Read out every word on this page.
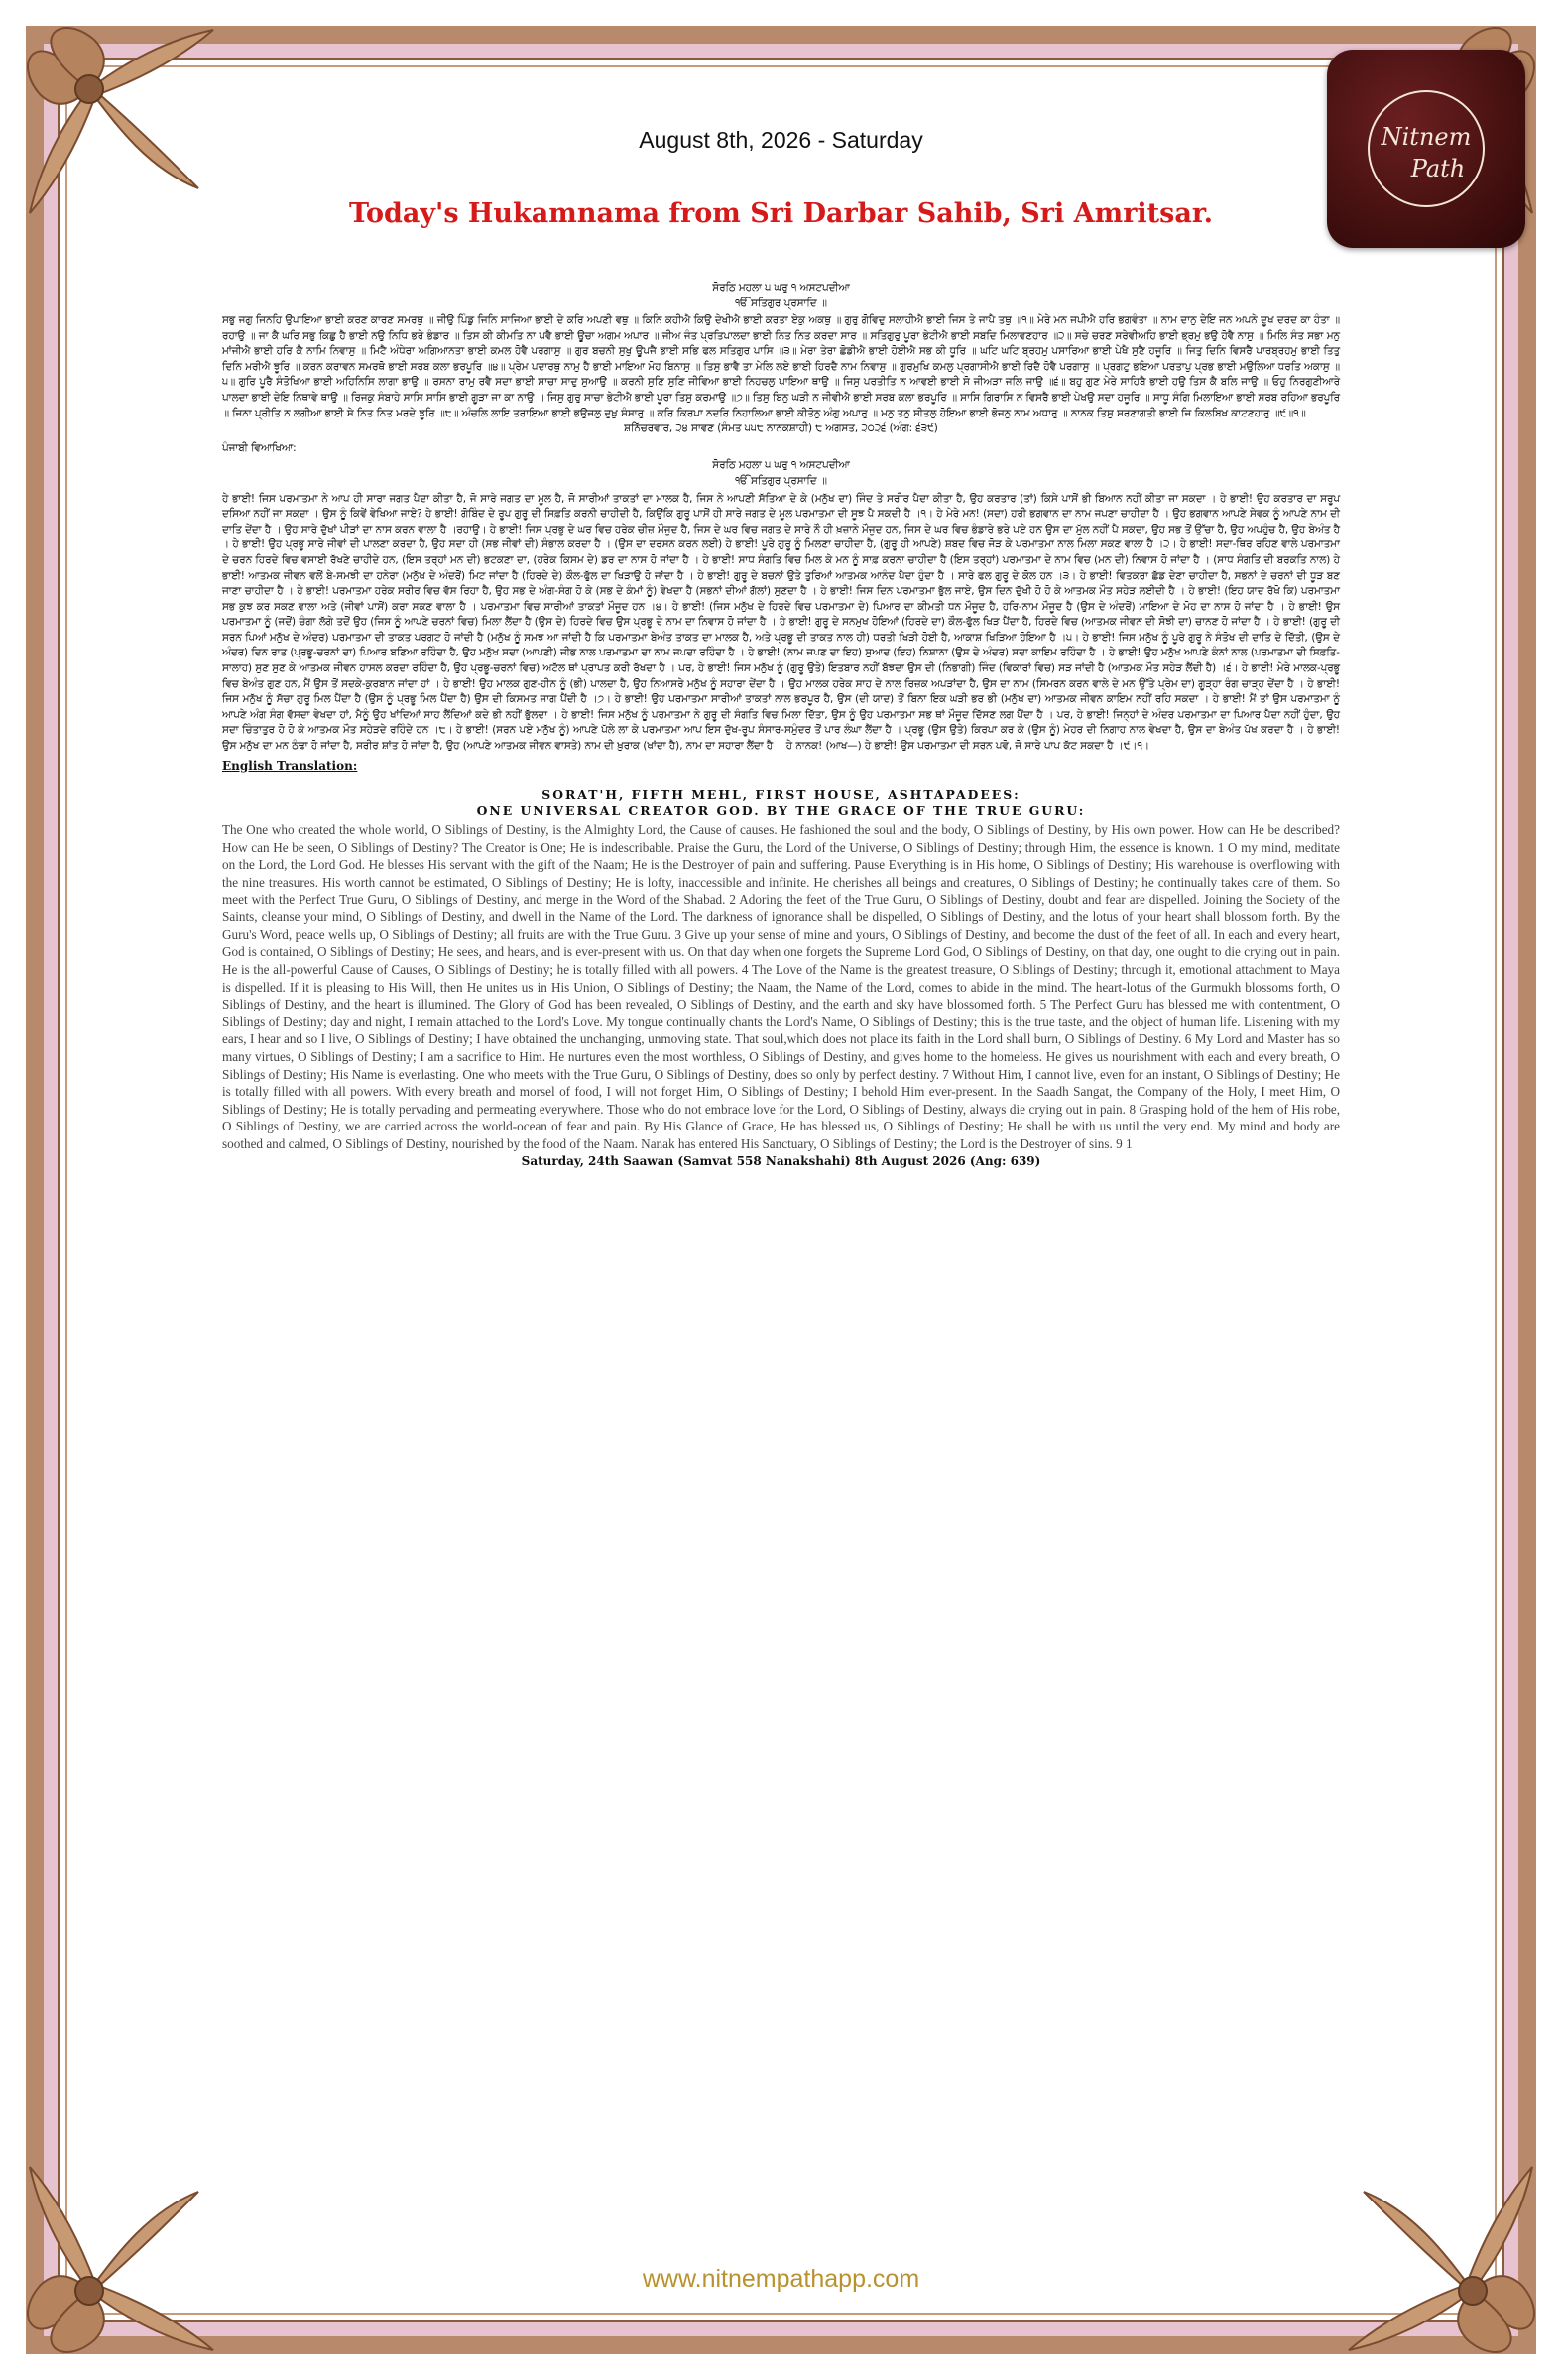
Nitnem
Path
August 8th, 2026 - Saturday
Today's Hukamnama from Sri Darbar Sahib, Sri Amritsar.
ਸੋਰਠਿ ਮਹਲਾ ੫ ਘਰੁ ੧ ਅਸਟਪਦੀਆ
ੴ ਸਤਿਗੁਰ ਪ੍ਰਸਾਦਿ ॥
ਸਭੁ ਜਗੁ ਜਿਨਹਿ ਉਪਾਇਆ ਭਾਈ ਕਰਣ ਕਾਰਣ ਸਮਰਥੁ ॥ ਜੀਉ ਪਿੰਡੁ ਜਿਨਿ ਸਾਜਿਆ ਭਾਈ ਦੇ ਕਰਿ ਅਪਣੀ ਵਥੁ ॥ ਕਿਨਿ ਕਹੀਐ ਕਿਉ ਦੇਖੀਐ ਭਾਈ ਕਰਤਾ ਏਕੁ ਅਕਥੁ ॥ ਗੁਰੁ ਗੋਵਿਦੁ ਸਲਾਹੀਐ ਭਾਈ ਜਿਸ ਤੇ ਜਾਪੈ ਤਥੁ ॥੧॥ ਮੇਰੇ ਮਨ ਜਪੀਐ ਹਰਿ ਭਗਵੰਤਾ ॥ ਨਾਮ ਦਾਨੁ ਦੇਇ ਜਨ ਅਪਨੇ ਦੂਖ ਦਰਦ ਕਾ ਹੰਤਾ ॥ ਰਹਾਉ ॥ ਜਾ ਕੈ ਘਰਿ ਸਭੁ ਕਿਛੁ ਹੈ ਭਾਈ ਨਉ ਨਿਧਿ ਭਰੇ ਭੰਡਾਰ ॥ ਤਿਸ ਕੀ ਕੀਮਤਿ ਨਾ ਪਵੈ ਭਾਈ ਊਚਾ ਅਗਮ ਅਪਾਰ ॥ ਜੀਅ ਜੰਤ ਪ੍ਰਤਿਪਾਲਦਾ ਭਾਈ ਨਿਤ ਨਿਤ ਕਰਦਾ ਸਾਰ ॥ ਸਤਿਗੁਰੁ ਪੂਰਾ ਭੇਟੀਐ ਭਾਈ ਸਬਦਿ ਮਿਲਾਵਣਹਾਰ ॥੨॥ ਸਚੇ ਚਰਣ ਸਰੇਵੀਅਹਿ ਭਾਈ ਭ੍ਰਮੁ ਭਉ ਹੋਵੈ ਨਾਸੁ ॥ ਮਿਲਿ ਸੰਤ ਸਭਾ ਮਨੁ ਮਾਂਜੀਐ ਭਾਈ ਹਰਿ ਕੈ ਨਾਮਿ ਨਿਵਾਸੁ ॥ ਮਿਟੈ ਅੰਧੇਰਾ ਅਗਿਆਨਤਾ ਭਾਈ ਕਮਲ ਹੋਵੈ ਪਰਗਾਸੁ ॥ ਗੁਰ ਬਚਨੀ ਸੁਖੁ ਊਪਜੈ ਭਾਈ ਸਭਿ ਫਲ ਸਤਿਗੁਰ ਪਾਸਿ ॥੩॥ ਮੇਰਾ ਤੇਰਾ ਛੋਡੀਐ ਭਾਈ ਹੋਈਐ ਸਭ ਕੀ ਧੂਰਿ ॥ ਘਟਿ ਘਟਿ ਬ੍ਰਹਮੁ ਪਸਾਰਿਆ ਭਾਈ ਪੇਖੈ ਸੁਣੈ ਹਜੂਰਿ ॥ ਜਿਤੁ ਦਿਨਿ ਵਿਸਰੈ ਪਾਰਬ੍ਰਹਮੁ ਭਾਈ ਤਿਤੁ ਦਿਨਿ ਮਰੀਐ ਝੂਰਿ ॥ ਕਰਨ ਕਰਾਵਨ ਸਮਰਥੋ ਭਾਈ ਸਰਬ ਕਲਾ ਭਰਪੂਰਿ ॥੪॥ ਪ੍ਰੇਮ ਪਦਾਰਥੁ ਨਾਮੁ ਹੈ ਭਾਈ ਮਾਇਆ ਮੋਹ ਬਿਨਾਸੁ ॥ ਤਿਸੁ ਭਾਵੈ ਤਾ ਮੇਲਿ ਲਏ ਭਾਈ ਹਿਰਦੈ ਨਾਮ ਨਿਵਾਸੁ ॥ ਗੁਰਮੁਖਿ ਕਮਲੁ ਪ੍ਰਗਾਸੀਐ ਭਾਈ ਰਿਦੈ ਹੋਵੈ ਪਰਗਾਸੁ ॥ ਪ੍ਰਗਟੁ ਭਇਆ ਪਰਤਾਪੁ ਪ੍ਰਭ ਭਾਈ ਮਉਲਿਆ ਧਰਤਿ ਅਕਾਸੁ ॥੫॥ ਗੁਰਿ ਪੂਰੈ ਸੰਤੋਖਿਆ ਭਾਈ ਅਹਿਨਿਸਿ ਲਾਗਾ ਭਾਉ ॥ ਰਸਨਾ ਰਾਮੁ ਰਵੈ ਸਦਾ ਭਾਈ ਸਾਚਾ ਸਾਦੁ ਸੁਆਉ ॥ ਕਰਨੀ ਸੁਣਿ ਸੁਣਿ ਜੀਵਿਆ ਭਾਈ ਨਿਹਚਲੁ ਪਾਇਆ ਥਾਉ ॥ ਜਿਸੁ ਪਰਤੀਤਿ ਨ ਆਵਈ ਭਾਈ ਸੋ ਜੀਅੜਾ ਜਲਿ ਜਾਉ ॥੬॥ ਬਹੁ ਗੁਣ ਮੇਰੇ ਸਾਹਿਬੈ ਭਾਈ ਹਉ ਤਿਸ ਕੈ ਬਲਿ ਜਾਉ ॥ ਓਹੁ ਨਿਰਗੁਣੀਆਰੇ ਪਾਲਦਾ ਭਾਈ ਦੇਇ ਨਿਥਾਵੇ ਥਾਉ ॥ ਰਿਜਕੁ ਸੰਬਾਹੇ ਸਾਸਿ ਸਾਸਿ ਭਾਈ ਗੂੜਾ ਜਾ ਕਾ ਨਾਉ ॥ ਜਿਸੁ ਗੁਰੁ ਸਾਚਾ ਭੇਟੀਐ ਭਾਈ ਪੂਰਾ ਤਿਸੁ ਕਰਮਾਉ ॥੭॥ ਤਿਸੁ ਬਿਨੁ ਘੜੀ ਨ ਜੀਵੀਐ ਭਾਈ ਸਰਬ ਕਲਾ ਭਰਪੂਰਿ ॥ ਸਾਸਿ ਗਿਰਾਸਿ ਨ ਵਿਸਰੈ ਭਾਈ ਪੇਖਉ ਸਦਾ ਹਜੂਰਿ ॥ ਸਾਧੂ ਸੰਗਿ ਮਿਲਾਇਆ ਭਾਈ ਸਰਬ ਰਹਿਆ ਭਰਪੂਰਿ ॥ ਜਿਨਾ ਪ੍ਰੀਤਿ ਨ ਲਗੀਆ ਭਾਈ ਸੇ ਨਿਤ ਨਿਤ ਮਰਦੇ ਝੂਰਿ ॥੮॥ ਅੰਚਲਿ ਲਾਇ ਤਰਾਇਆ ਭਾਈ ਭਉਜਲੁ ਦੁਖੁ ਸੰਸਾਰੁ ॥ ਕਰਿ ਕਿਰਪਾ ਨਦਰਿ ਨਿਹਾਲਿਆ ਭਾਈ ਕੀਤੋਨੁ ਅੰਗੁ ਅਪਾਰੁ ॥ ਮਨੁ ਤਨੁ ਸੀਤਲੁ ਹੋਇਆ ਭਾਈ ਭੋਜਨੁ ਨਾਮ ਅਧਾਰੁ ॥ ਨਾਨਕ ਤਿਸੁ ਸਰਣਾਗਤੀ ਭਾਈ ਜਿ ਕਿਲਬਿਖ ਕਾਟਣਹਾਰੁ ॥੯॥੧॥
ਸ਼ਨਿੱਚਰਵਾਰ, ੨੪ ਸਾਵਣ (ਸੰਮਤ ੫੫੮ ਨਾਨਕਸ਼ਾਹੀ) ੮ ਅਗਸਤ, ੨੦੨੬ (ਅੰਗ: ੬੩੯)
ਪੰਜਾਬੀ ਵਿਆਖਿਆ:
ਸੋਰਠਿ ਮਹਲਾ ੫ ਘਰੁ ੧ ਅਸਟਪਦੀਆ
ੴ ਸਤਿਗੁਰ ਪ੍ਰਸਾਦਿ ॥
ਹੇ ਭਾਈ! ਜਿਸ ਪਰਮਾਤਮਾ ਨੇ ਆਪ ਹੀ ਸਾਰਾ ਜਗਤ ਪੈਦਾ ਕੀਤਾ ਹੈ, ਜੋ ਸਾਰੇ ਜਗਤ ਦਾ ਮੂਲ ਹੈ, ਜੋ ਸਾਰੀਆਂ ਤਾਕਤਾਂ ਦਾ ਮਾਲਕ ਹੈ, ਜਿਸ ਨੇ ਆਪਣੀ ਸੱਤਿਆ ਦੇ ਕੇ (ਮਨੁੱਖ ਦਾ) ਜਿੰਦ ਤੇ ਸਰੀਰ ਪੈਦਾ ਕੀਤਾ ਹੈ, ਉਹ ਕਰਤਾਰ (ਤਾਂ) ਕਿਸੇ ਪਾਸੋਂ ਭੀ ਬਿਆਨ ਨਹੀਂ ਕੀਤਾ ਜਾ ਸਕਦਾ । ਹੇ ਭਾਈ! ਉਹ ਕਰਤਾਰ ਦਾ ਸਰੂਪ ਦਸਿਆ ਨਹੀਂ ਜਾ ਸਕਦਾ । ਉਸ ਨੂੰ ਕਿਵੇਂ ਵੇਖਿਆ ਜਾਏ? ਹੇ ਭਾਈ! ਗੋਬਿੰਦ ਦੇ ਰੂਪ ਗੁਰੂ ਦੀ ਸਿਫ਼ਤਿ ਕਰਨੀ ਚਾਹੀਦੀ ਹੈ, ਕਿਉਂਕਿ ਗੁਰੂ ਪਾਸੋਂ ਹੀ ਸਾਰੇ ਜਗਤ ਦੇ ਮੂਲ ਪਰਮਾਤਮਾ ਦੀ ਸੂਝ ਪੈ ਸਕਦੀ ਹੈ ।੧। ਹੇ ਮੇਰੇ ਮਨ! (ਸਦਾ) ਹਰੀ ਭਗਵਾਨ ਦਾ ਨਾਮ ਜਪਣਾ ਚਾਹੀਦਾ ਹੈ । ਉਹ ਭਗਵਾਨ ਆਪਣੇ ਸੇਵਕ ਨੂੰ ਆਪਣੇ ਨਾਮ ਦੀ ਦਾਤਿ ਦੇਂਦਾ ਹੈ । ਉਹ ਸਾਰੇ ਦੁੱਖਾਂ ਪੀੜਾਂ ਦਾ ਨਾਸ ਕਰਨ ਵਾਲਾ ਹੈ ।ਰਹਾਉ। ਹੇ ਭਾਈ! ਜਿਸ ਪ੍ਰਭੂ ਦੇ ਘਰ ਵਿਚ ਹਰੇਕ ਚੀਜ਼ ਮੌਜੂਦ ਹੈ, ਜਿਸ ਦੇ ਘਰ ਵਿਚ ਜਗਤ ਦੇ ਸਾਰੇ ਨੌ ਹੀ ਖ਼ਜ਼ਾਨੇ ਮੌਜੂਦ ਹਨ, ਜਿਸ ਦੇ ਘਰ ਵਿਚ ਭੰਡਾਰੇ ਭਰੇ ਪਏ ਹਨ ਉਸ ਦਾ ਮੁੱਲ ਨਹੀਂ ਪੈ ਸਕਦਾ, ਉਹ ਸਭ ਤੋਂ ਉੱਚਾ ਹੈ, ਉਹ ਅਪਹੁੰਚ ਹੈ, ਉਹ ਬੇਅੰਤ ਹੈ । ਹੇ ਭਾਈ! ਉਹ ਪ੍ਰਭੂ ਸਾਰੇ ਜੀਵਾਂ ਦੀ ਪਾਲਣਾ ਕਰਦਾ ਹੈ, ਉਹ ਸਦਾ ਹੀ (ਸਭ ਜੀਵਾਂ ਦੀ) ਸੰਭਾਲ ਕਰਦਾ ਹੈ । (ਉਸ ਦਾ ਦਰਸਨ ਕਰਨ ਲਈ) ਹੇ ਭਾਈ! ਪੂਰੇ ਗੁਰੂ ਨੂੰ ਮਿਲਣਾ ਚਾਹੀਦਾ ਹੈ, (ਗੁਰੂ ਹੀ ਆਪਣੇ) ਸ਼ਬਦ ਵਿਚ ਜੋੜ ਕੇ ਪਰਮਾਤਮਾ ਨਾਲ ਮਿਲਾ ਸਕਣ ਵਾਲਾ ਹੈ ।੨। ਹੇ ਭਾਈ! ਸਦਾ-ਥਿਰ ਰਹਿਣ ਵਾਲੇ ਪਰਮਾਤਮਾ ਦੇ ਚਰਨ ਹਿਰਦੇ ਵਿਚ ਵਸਾਈ ਰੱਖਣੇ ਚਾਹੀਦੇ ਹਨ, (ਇਸ ਤਰ੍ਹਾਂ ਮਨ ਦੀ) ਭਟਕਣਾ ਦਾ, (ਹਰੇਕ ਕਿਸਮ ਦੇ) ਡਰ ਦਾ ਨਾਸ ਹੋ ਜਾਂਦਾ ਹੈ । ਹੇ ਭਾਈ! ਸਾਧ ਸੰਗਤਿ ਵਿਚ ਮਿਲ ਕੇ ਮਨ ਨੂੰ ਸਾਫ਼ ਕਰਨਾ ਚਾਹੀਦਾ ਹੈ (ਇਸ ਤਰ੍ਹਾਂ) ਪਰਮਾਤਮਾ ਦੇ ਨਾਮ ਵਿਚ (ਮਨ ਦੀ) ਨਿਵਾਸ ਹੋ ਜਾਂਦਾ ਹੈ । (ਸਾਧ ਸੰਗਤਿ ਦੀ ਬਰਕਤਿ ਨਾਲ) ਹੇ ਭਾਈ! ਆਤਮਕ ਜੀਵਨ ਵਲੋਂ ਬੇ-ਸਮਝੀ ਦਾ ਹਨੇਰਾ (ਮਨੁੱਖ ਦੇ ਅੰਦਰੋਂ) ਮਿਟ ਜਾਂਦਾ ਹੈ (ਹਿਰਦੇ ਦੇ) ਕੌਲ-ਫੁੱਲ ਦਾ ਖਿੜਾਉ ਹੋ ਜਾਂਦਾ ਹੈ । ਹੇ ਭਾਈ! ਗੁਰੂ ਦੇ ਬਚਨਾਂ ਉਤੇ ਤੁਰਿਆਂ ਆਤਮਕ ਆਨੰਦ ਪੈਦਾ ਹੁੰਦਾ ਹੈ । ਸਾਰੇ ਫਲ ਗੁਰੂ ਦੇ ਕੋਲ ਹਨ ।੩। ਹੇ ਭਾਈ! ਵਿਤਕਰਾ ਛੱਡ ਦੇਣਾ ਚਾਹੀਦਾ ਹੈ, ਸਭਨਾਂ ਦੇ ਚਰਨਾਂ ਦੀ ਧੂੜ ਬਣ ਜਾਣਾ ਚਾਹੀਦਾ ਹੈ । ਹੇ ਭਾਈ! ਪਰਮਾਤਮਾ ਹਰੇਕ ਸਰੀਰ ਵਿਚ ਵੱਸ ਰਿਹਾ ਹੈ, ਉਹ ਸਭ ਦੇ ਅੰਗ-ਸੰਗ ਹੋ ਕੇ (ਸਭ ਦੇ ਕੰਮਾਂ ਨੂੰ) ਵੇਖਦਾ ਹੈ (ਸਭਨਾਂ ਦੀਆਂ ਗੱਲਾਂ) ਸੁਣਦਾ ਹੈ । ਹੇ ਭਾਈ! ਜਿਸ ਦਿਨ ਪਰਮਾਤਮਾ ਭੁੱਲ ਜਾਏ, ਉਸ ਦਿਨ ਦੁੱਖੀ ਹੋ ਹੋ ਕੇ ਆਤਮਕ ਮੌਤ ਸਹੇੜ ਲਈਦੀ ਹੈ । ਹੇ ਭਾਈ! (ਇਹ ਯਾਦ ਰੱਖੋ ਕਿ) ਪਰਮਾਤਮਾ ਸਭ ਕੁਝ ਕਰ ਸਕਣ ਵਾਲਾ ਅਤੇ (ਜੀਵਾਂ ਪਾਸੋਂ) ਕਰਾ ਸਕਣ ਵਾਲਾ ਹੈ । ਪਰਮਾਤਮਾ ਵਿਚ ਸਾਰੀਆਂ ਤਾਕਤਾਂ ਮੌਜੂਦ ਹਨ ।੪। ਹੇ ਭਾਈ! (ਜਿਸ ਮਨੁੱਖ ਦੇ ਹਿਰਦੇ ਵਿਚ ਪਰਮਾਤਮਾ ਦੇ) ਪਿਆਰ ਦਾ ਕੀਮਤੀ ਧਨ ਮੌਜੂਦ ਹੈ, ਹਰਿ-ਨਾਮ ਮੌਜੂਦ ਹੈ (ਉਸ ਦੇ ਅੰਦਰੋਂ) ਮਾਇਆ ਦੇ ਮੋਹ ਦਾ ਨਾਸ ਹੋ ਜਾਂਦਾ ਹੈ । ਹੇ ਭਾਈ! ਉਸ ਪਰਮਾਤਮਾ ਨੂੰ (ਜਦੋਂ) ਚੰਗਾ ਲੱਗੇ ਤਦੋਂ ਉਹ (ਜਿਸ ਨੂੰ ਆਪਣੇ ਚਰਨਾਂ ਵਿਚ) ਮਿਲਾ ਲੈਂਦਾ ਹੈ (ਉਸ ਦੇ) ਹਿਰਦੇ ਵਿਚ ਉਸ ਪ੍ਰਭੂ ਦੇ ਨਾਮ ਦਾ ਨਿਵਾਸ ਹੋ ਜਾਂਦਾ ਹੈ । ਹੇ ਭਾਈ! ਗੁਰੂ ਦੇ ਸਨਮੁਖ ਹੋਇਆਂ (ਹਿਰਦੇ ਦਾ) ਕੌਲ-ਫੁੱਲ ਖਿੜ ਪੈਂਦਾ ਹੈ, ਹਿਰਦੇ ਵਿਚ (ਆਤਮਕ ਜੀਵਨ ਦੀ ਸੋਝੀ ਦਾ) ਚਾਨਣ ਹੋ ਜਾਂਦਾ ਹੈ । ਹੇ ਭਾਈ! (ਗੁਰੂ ਦੀ ਸਰਨ ਪਿਆਂ ਮਨੁੱਖ ਦੇ ਅੰਦਰ) ਪਰਮਾਤਮਾ ਦੀ ਤਾਕਤ ਪਰਗਟ ਹੋ ਜਾਂਦੀ ਹੈ (ਮਨੁੱਖ ਨੂੰ ਸਮਝ ਆ ਜਾਂਦੀ ਹੈ ਕਿ ਪਰਮਾਤਮਾ ਬੇਅੰਤ ਤਾਕਤ ਦਾ ਮਾਲਕ ਹੈ, ਅਤੇ ਪ੍ਰਭੂ ਦੀ ਤਾਕਤ ਨਾਲ ਹੀ) ਧਰਤੀ ਖਿੜੀ ਹੋਈ ਹੈ, ਆਕਾਸ਼ ਖਿੜਿਆ ਹੋਇਆ ਹੈ ।੫। ਹੇ ਭਾਈ! ਜਿਸ ਮਨੁੱਖ ਨੂੰ ਪੂਰੇ ਗੁਰੂ ਨੇ ਸੰਤੋਖ ਦੀ ਦਾਤਿ ਦੇ ਦਿੱਤੀ, (ਉਸ ਦੇ ਅੰਦਰ) ਦਿਨ ਰਾਤ (ਪ੍ਰਭੂ-ਚਰਨਾਂ ਦਾ) ਪਿਆਰ ਬਣਿਆ ਰਹਿੰਦਾ ਹੈ, ਉਹ ਮਨੁੱਖ ਸਦਾ (ਆਪਣੀ) ਜੀਭ ਨਾਲ ਪਰਮਾਤਮਾ ਦਾ ਨਾਮ ਜਪਦਾ ਰਹਿੰਦਾ ਹੈ । ਹੇ ਭਾਈ! (ਨਾਮ ਜਪਣ ਦਾ ਇਹ) ਸੁਆਦ (ਇਹ) ਨਿਸ਼ਾਨਾ (ਉਸ ਦੇ ਅੰਦਰ) ਸਦਾ ਕਾਇਮ ਰਹਿੰਦਾ ਹੈ । ਹੇ ਭਾਈ! ਉਹ ਮਨੁੱਖ ਆਪਣੇ ਕੰਨਾਂ ਨਾਲ (ਪਰਮਾਤਮਾ ਦੀ ਸਿਫ਼ਤਿ-ਸਾਲਾਹ) ਸੁਣ ਸੁਣ ਕੇ ਆਤਮਕ ਜੀਵਨ ਹਾਸਲ ਕਰਦਾ ਰਹਿੰਦਾ ਹੈ, ਉਹ ਪ੍ਰਭੂ-ਚਰਨਾਂ ਵਿਚ) ਅਟੱਲ ਥਾਂ ਪ੍ਰਾਪਤ ਕਰੀ ਰੱਖਦਾ ਹੈ । ਪਰ, ਹੇ ਭਾਈ! ਜਿਸ ਮਨੁੱਖ ਨੂੰ (ਗੁਰੂ ਉਤੇ) ਇਤਬਾਰ ਨਹੀਂ ਬੱਝਦਾ ਉਸ ਦੀ (ਨਿਭਾਗੀ) ਜਿੰਦ (ਵਿਕਾਰਾਂ ਵਿਚ) ਸੜ ਜਾਂਦੀ ਹੈ (ਆਤਮਕ ਮੌਤ ਸਹੇੜ ਲੈਂਦੀ ਹੈ) ।੬। ਹੇ ਭਾਈ! ਮੇਰੇ ਮਾਲਕ-ਪ੍ਰਭੂ ਵਿਚ ਬੇਅੰਤ ਗੁਣ ਹਨ, ਮੈਂ ਉਸ ਤੋਂ ਸਦਕੇ-ਕੁਰਬਾਨ ਜਾਂਦਾ ਹਾਂ । ਹੇ ਭਾਈ! ਉਹ ਮਾਲਕ ਗੁਣ-ਹੀਨ ਨੂੰ (ਭੀ) ਪਾਲਦਾ ਹੈ, ਉਹ ਨਿਆਸਰੇ ਮਨੁੱਖ ਨੂੰ ਸਹਾਰਾ ਦੇਂਦਾ ਹੈ । ਉਹ ਮਾਲਕ ਹਰੇਕ ਸਾਹ ਦੇ ਨਾਲ ਰਿਜ਼ਕ ਅਪੜਾਂਦਾ ਹੈ, ਉਸ ਦਾ ਨਾਮ (ਸਿਮਰਨ ਕਰਨ ਵਾਲੇ ਦੇ ਮਨ ਉੱਤੇ ਪ੍ਰੇਮ ਦਾ) ਗੂੜ੍ਹਾ ਰੰਗ ਚਾੜ੍ਹ ਦੇਂਦਾ ਹੈ । ਹੇ ਭਾਈ! ਜਿਸ ਮਨੁੱਖ ਨੂੰ ਸੱਚਾ ਗੁਰੂ ਮਿਲ ਪੈਂਦਾ ਹੈ (ਉਸ ਨੂੰ ਪ੍ਰਭੂ ਮਿਲ ਪੈਂਦਾ ਹੈ) ਉਸ ਦੀ ਕਿਸਮਤ ਜਾਗ ਪੈਂਦੀ ਹੈ ।੭। ਹੇ ਭਾਈ! ਉਹ ਪਰਮਾਤਮਾ ਸਾਰੀਆਂ ਤਾਕਤਾਂ ਨਾਲ ਭਰਪੂਰ ਹੈ, ਉਸ (ਦੀ ਯਾਦ) ਤੋਂ ਬਿਨਾ ਇਕ ਘੜੀ ਭਰ ਭੀ (ਮਨੁੱਖ ਦਾ) ਆਤਮਕ ਜੀਵਨ ਕਾਇਮ ਨਹੀਂ ਰਹਿ ਸਕਦਾ । ਹੇ ਭਾਈ! ਮੈਂ ਤਾਂ ਉਸ ਪਰਮਾਤਮਾ ਨੂੰ ਆਪਣੇ ਅੰਗ ਸੰਗ ਵੱਸਦਾ ਵੇਖਦਾ ਹਾਂ, ਮੈਨੂੰ ਉਹ ਖਾਂਦਿਆਂ ਸਾਹ ਲੈਂਦਿਆਂ ਕਦੇ ਭੀ ਨਹੀਂ ਭੁੱਲਦਾ । ਹੇ ਭਾਈ! ਜਿਸ ਮਨੁੱਖ ਨੂੰ ਪਰਮਾਤਮਾ ਨੇ ਗੁਰੂ ਦੀ ਸੰਗਤਿ ਵਿਚ ਮਿਲਾ ਦਿੱਤਾ, ਉਸ ਨੂੰ ਉਹ ਪਰਮਾਤਮਾ ਸਭ ਥਾਂ ਮੌਜੂਦ ਦਿੱਸਣ ਲਗ ਪੈਂਦਾ ਹੈ । ਪਰ, ਹੇ ਭਾਈ! ਜਿਨ੍ਹਾਂ ਦੇ ਅੰਦਰ ਪਰਮਾਤਮਾ ਦਾ ਪਿਆਰ ਪੈਦਾ ਨਹੀਂ ਹੁੰਦਾ, ਉਹ ਸਦਾ ਚਿੰਤਾਤੁਰ ਹੋ ਹੋ ਕੇ ਆਤਮਕ ਮੌਤ ਸਹੇੜਦੇ ਰਹਿੰਦੇ ਹਨ ।੮। ਹੇ ਭਾਈ! (ਸਰਨ ਪਏ ਮਨੁੱਖ ਨੂੰ) ਆਪਣੇ ਪੱਲੇ ਲਾ ਕੇ ਪਰਮਾਤਮਾ ਆਪ ਇਸ ਦੁੱਖ-ਰੂਪ ਸੰਸਾਰ-ਸਮੁੰਦਰ ਤੋਂ ਪਾਰ ਲੰਘਾ ਲੈਂਦਾ ਹੈ । ਪ੍ਰਭੂ (ਉਸ ਉਤੇ) ਕਿਰਪਾ ਕਰ ਕੇ (ਉਸ ਨੂੰ) ਮੇਹਰ ਦੀ ਨਿਗਾਹ ਨਾਲ ਵੇਖਦਾ ਹੈ, ਉਸ ਦਾ ਬੇਅੰਤ ਪੱਖ ਕਰਦਾ ਹੈ । ਹੇ ਭਾਈ! ਉਸ ਮਨੁੱਖ ਦਾ ਮਨ ਠੰਢਾ ਹੋ ਜਾਂਦਾ ਹੈ, ਸਰੀਰ ਸ਼ਾਂਤ ਹੋ ਜਾਂਦਾ ਹੈ, ਉਹ (ਆਪਣੇ ਆਤਮਕ ਜੀਵਨ ਵਾਸਤੇ) ਨਾਮ ਦੀ ਖ਼ੁਰਾਕ (ਖਾਂਦਾ ਹੈ), ਨਾਮ ਦਾ ਸਹਾਰਾ ਲੈਂਦਾ ਹੈ । ਹੇ ਨਾਨਕ! (ਆਖ—) ਹੇ ਭਾਈ! ਉਸ ਪਰਮਾਤਮਾ ਦੀ ਸਰਨ ਪਵੋ, ਜੋ ਸਾਰੇ ਪਾਪ ਕੱਟ ਸਕਦਾ ਹੈ ।੯।੧।
English Translation:
SORAT'H, FIFTH MEHL, FIRST HOUSE, ASHTAPADEES:
ONE UNIVERSAL CREATOR GOD. BY THE GRACE OF THE TRUE GURU:
The One who created the whole world, O Siblings of Destiny, is the Almighty Lord, the Cause of causes. He fashioned the soul and the body, O Siblings of Destiny, by His own power. How can He be described? How can He be seen, O Siblings of Destiny? The Creator is One; He is indescribable. Praise the Guru, the Lord of the Universe, O Siblings of Destiny; through Him, the essence is known. 1 O my mind, meditate on the Lord, the Lord God. He blesses His servant with the gift of the Naam; He is the Destroyer of pain and suffering. Pause Everything is in His home, O Siblings of Destiny; His warehouse is overflowing with the nine treasures. His worth cannot be estimated, O Siblings of Destiny; He is lofty, inaccessible and infinite. He cherishes all beings and creatures, O Siblings of Destiny; he continually takes care of them. So meet with the Perfect True Guru, O Siblings of Destiny, and merge in the Word of the Shabad. 2 Adoring the feet of the True Guru, O Siblings of Destiny, doubt and fear are dispelled. Joining the Society of the Saints, cleanse your mind, O Siblings of Destiny, and dwell in the Name of the Lord. The darkness of ignorance shall be dispelled, O Siblings of Destiny, and the lotus of your heart shall blossom forth. By the Guru's Word, peace wells up, O Siblings of Destiny; all fruits are with the True Guru. 3 Give up your sense of mine and yours, O Siblings of Destiny, and become the dust of the feet of all. In each and every heart, God is contained, O Siblings of Destiny; He sees, and hears, and is ever-present with us. On that day when one forgets the Supreme Lord God, O Siblings of Destiny, on that day, one ought to die crying out in pain. He is the all-powerful Cause of Causes, O Siblings of Destiny; he is totally filled with all powers. 4 The Love of the Name is the greatest treasure, O Siblings of Destiny; through it, emotional attachment to Maya is dispelled. If it is pleasing to His Will, then He unites us in His Union, O Siblings of Destiny; the Naam, the Name of the Lord, comes to abide in the mind. The heart-lotus of the Gurmukh blossoms forth, O Siblings of Destiny, and the heart is illumined. The Glory of God has been revealed, O Siblings of Destiny, and the earth and sky have blossomed forth. 5 The Perfect Guru has blessed me with contentment, O Siblings of Destiny; day and night, I remain attached to the Lord's Love. My tongue continually chants the Lord's Name, O Siblings of Destiny; this is the true taste, and the object of human life. Listening with my ears, I hear and so I live, O Siblings of Destiny; I have obtained the unchanging, unmoving state. That soul,which does not place its faith in the Lord shall burn, O Siblings of Destiny. 6 My Lord and Master has so many virtues, O Siblings of Destiny; I am a sacrifice to Him. He nurtures even the most worthless, O Siblings of Destiny, and gives home to the homeless. He gives us nourishment with each and every breath, O Siblings of Destiny; His Name is everlasting. One who meets with the True Guru, O Siblings of Destiny, does so only by perfect destiny. 7 Without Him, I cannot live, even for an instant, O Siblings of Destiny; He is totally filled with all powers. With every breath and morsel of food, I will not forget Him, O Siblings of Destiny; I behold Him ever-present. In the Saadh Sangat, the Company of the Holy, I meet Him, O Siblings of Destiny; He is totally pervading and permeating everywhere. Those who do not embrace love for the Lord, O Siblings of Destiny, always die crying out in pain. 8 Grasping hold of the hem of His robe, O Siblings of Destiny, we are carried across the world-ocean of fear and pain. By His Glance of Grace, He has blessed us, O Siblings of Destiny; He shall be with us until the very end. My mind and body are soothed and calmed, O Siblings of Destiny, nourished by the food of the Naam. Nanak has entered His Sanctuary, O Siblings of Destiny; the Lord is the Destroyer of sins. 9 1
Saturday, 24th Saawan (Samvat 558 Nanakshahi) 8th August 2026 (Ang: 639)
www.nitnempathapp.com
